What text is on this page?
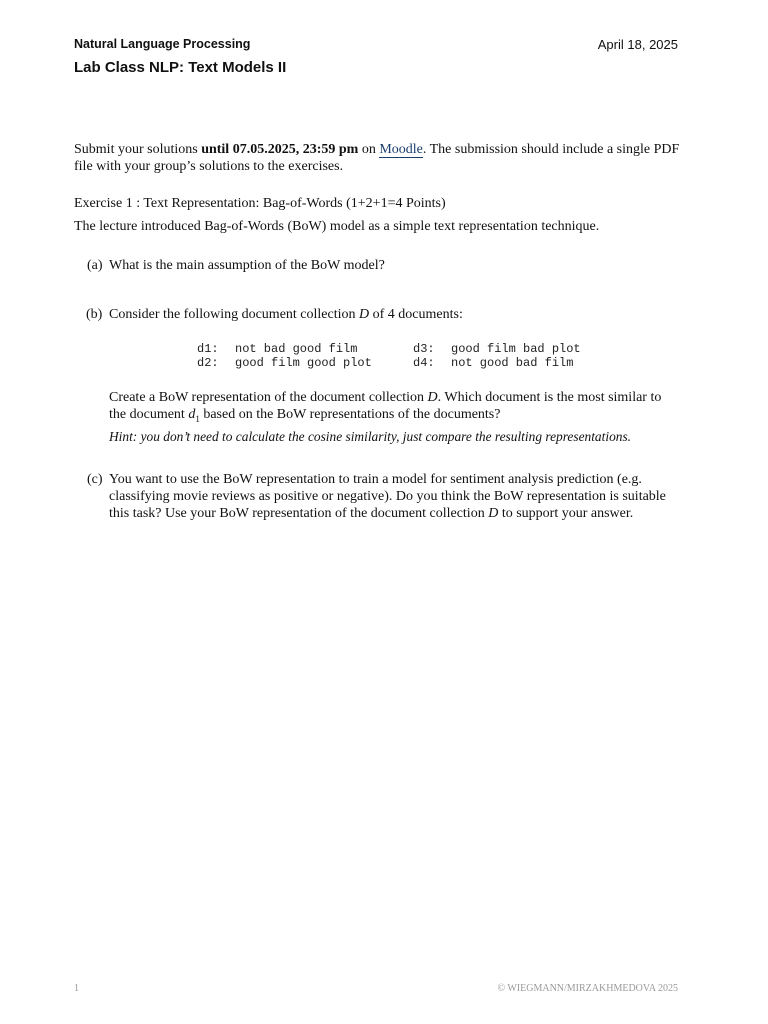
Natural Language Processing	April 18, 2025
Lab Class NLP: Text Models II
Submit your solutions until 07.05.2025, 23:59 pm on Moodle. The submission should include a single PDF file with your group’s solutions to the exercises.
Exercise 1 : Text Representation: Bag-of-Words (1+2+1=4 Points)
The lecture introduced Bag-of-Words (BoW) model as a simple text representation technique.
(a) What is the main assumption of the BoW model?
(b) Consider the following document collection D of 4 documents:
d1: not bad good film	d3: good film bad plot
d2: good film good plot	d4: not good bad film
Create a BoW representation of the document collection D. Which document is the most similar to the document $d_1$ based on the BoW representations of the documents?
Hint: you don’t need to calculate the cosine similarity, just compare the resulting representations.
(c) You want to use the BoW representation to train a model for sentiment analysis prediction (e.g. classifying movie reviews as positive or negative). Do you think the BoW representation is suitable this task? Use your BoW representation of the document collection D to support your answer.
1	© WIEGMANN/MIRZAKHMEDOVA 2025
